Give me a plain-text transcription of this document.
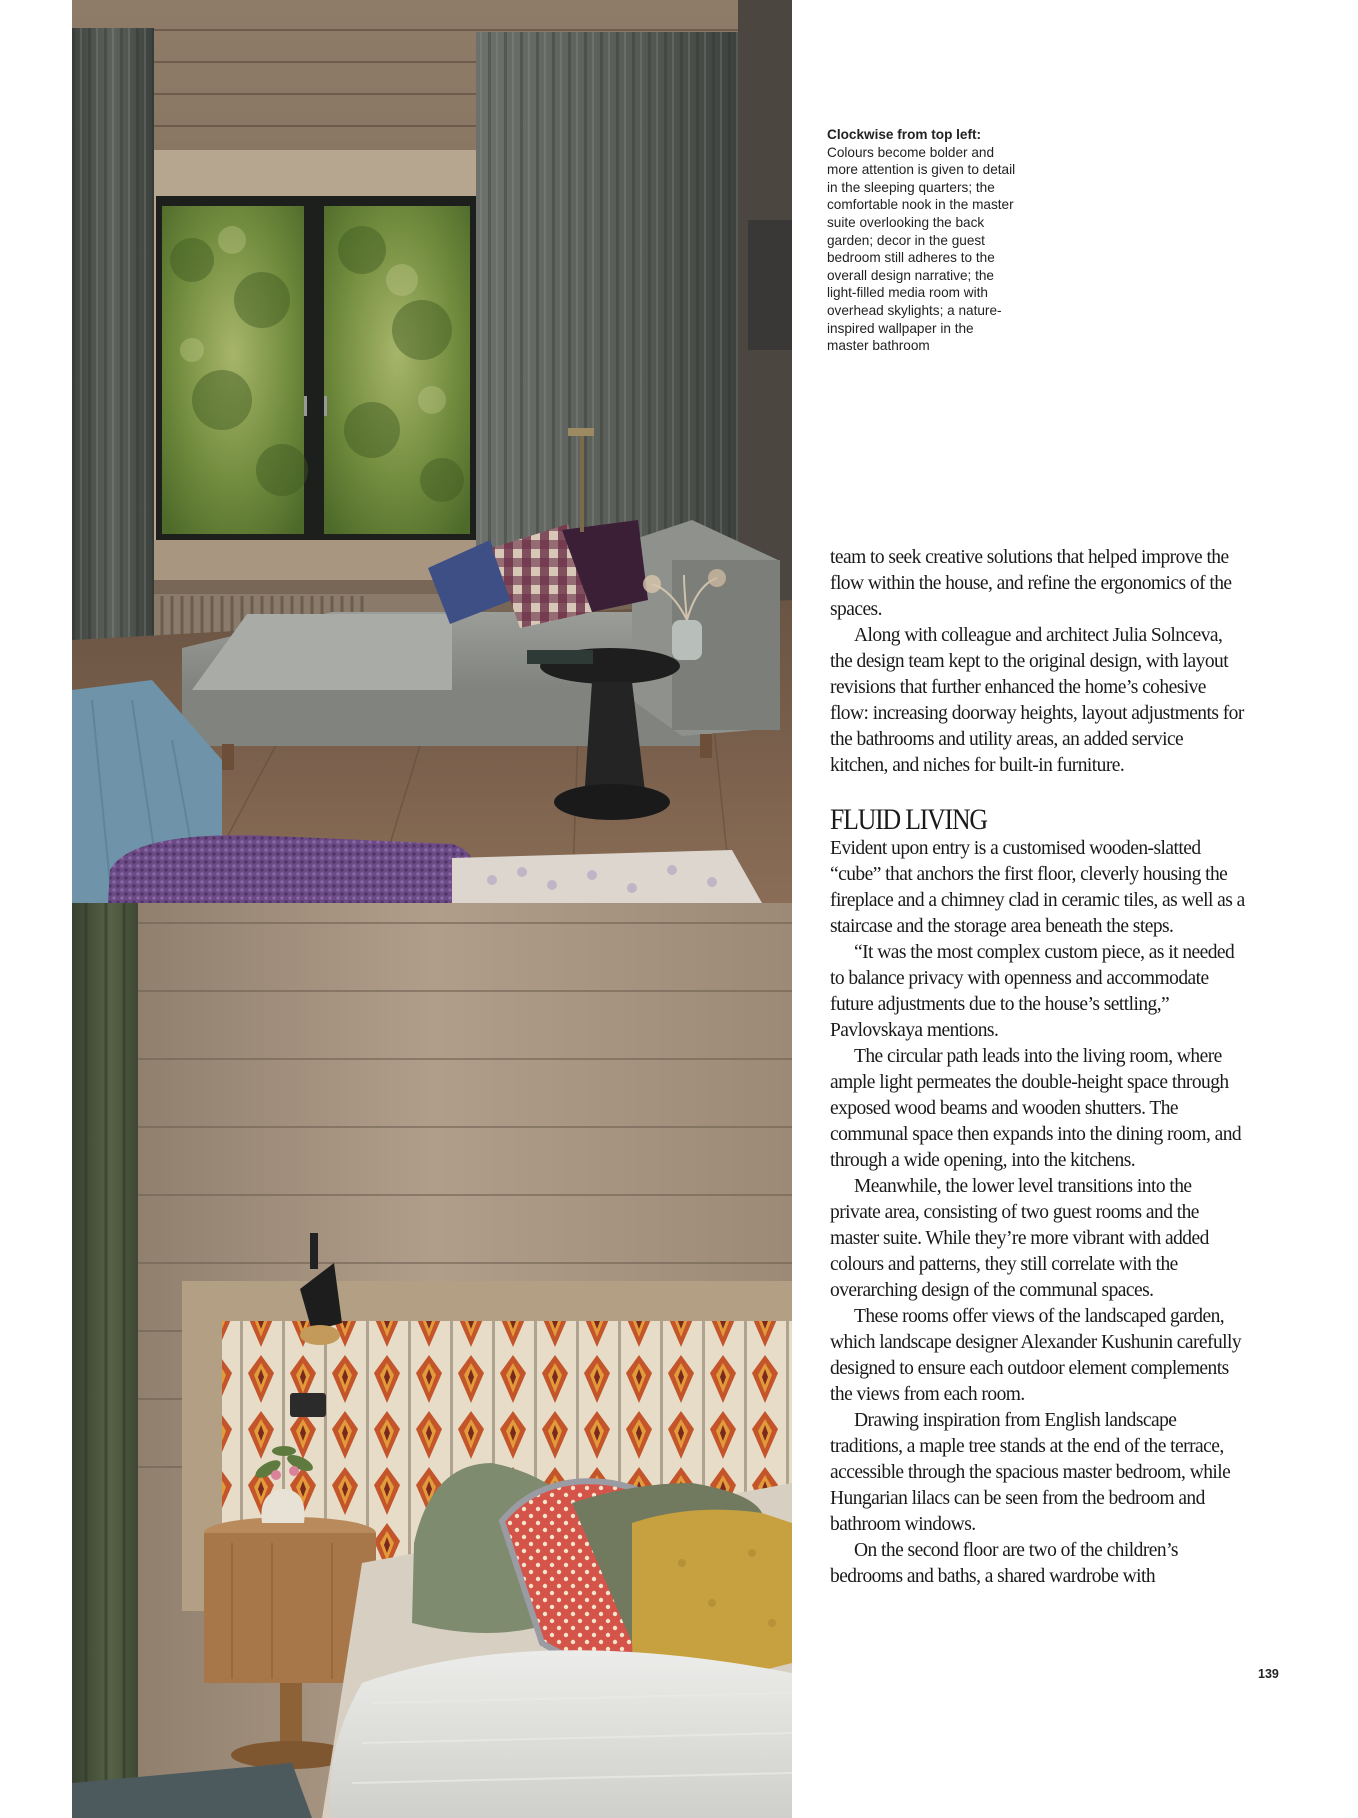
Clockwise from top left:
Colours become bolder and more attention is given to detail in the sleeping quarters; the comfortable nook in the master suite overlooking the back garden; decor in the guest bedroom still adheres to the overall design narrative; the light-filled media room with overhead skylights; a nature-inspired wallpaper in the master bathroom

team to seek creative solutions that helped improve the flow within the house, and refine the ergonomics of the spaces.

Along with colleague and architect Julia Solnceva, the design team kept to the original design, with layout revisions that further enhanced the home’s cohesive flow: increasing doorway heights, layout adjustments for the bathrooms and utility areas, an added service kitchen, and niches for built-in furniture.

FLUID LIVING

Evident upon entry is a customised wooden-slatted “cube” that anchors the first floor, cleverly housing the fireplace and a chimney clad in ceramic tiles, as well as a staircase and the storage area beneath the steps.

“It was the most complex custom piece, as it needed to balance privacy with openness and accommodate future adjustments due to the house’s settling,” Pavlovskaya mentions.

The circular path leads into the living room, where ample light permeates the double-height space through exposed wood beams and wooden shutters. The communal space then expands into the dining room, and through a wide opening, into the kitchens.

Meanwhile, the lower level transitions into the private area, consisting of two guest rooms and the master suite. While they’re more vibrant with added colours and patterns, they still correlate with the overarching design of the communal spaces.

These rooms offer views of the landscaped garden, which landscape designer Alexander Kushunin carefully designed to ensure each outdoor element complements the views from each room.

Drawing inspiration from English landscape traditions, a maple tree stands at the end of the terrace, accessible through the spacious master bedroom, while Hungarian lilacs can be seen from the bedroom and bathroom windows.

On the second floor are two of the children’s bedrooms and baths, a shared wardrobe with

139
